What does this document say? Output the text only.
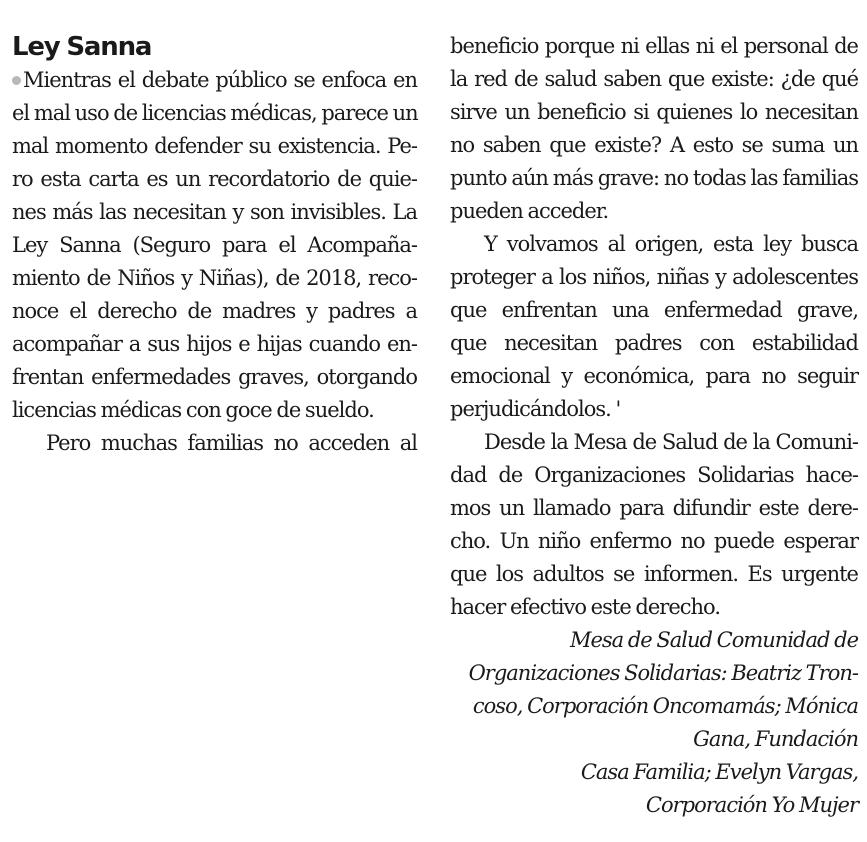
Ley Sanna
Mientras el debate público se enfoca en
el mal uso de licencias médicas, parece un
mal momento defender su existencia. Pe-
ro esta carta es un recordatorio de quie-
nes más las necesitan y son invisibles. La
Ley Sanna (Seguro para el Acompaña-
miento de Niños y Niñas), de 2018, reco-
noce el derecho de madres y padres a
acompañar a sus hijos e hijas cuando en-
frentan enfermedades graves, otorgando
licencias médicas con goce de sueldo.
Pero muchas familias no acceden al
beneficio porque ni ellas ni el personal de
la red de salud saben que existe: ¿de qué
sirve un beneficio si quienes lo necesitan
no saben que existe? A esto se suma un
punto aún más grave: no todas las familias
pueden acceder.
Y volvamos al origen, esta ley busca
proteger a los niños, niñas y adolescentes
que enfrentan una enfermedad grave,
que necesitan padres con estabilidad
emocional y económica, para no seguir
perjudicándolos. '
Desde la Mesa de Salud de la Comuni-
dad de Organizaciones Solidarias hace-
mos un llamado para difundir este dere-
cho. Un niño enfermo no puede esperar
que los adultos se informen. Es urgente
hacer efectivo este derecho.
Mesa de Salud Comunidad de
Organizaciones Solidarias: Beatriz Tron-
coso, Corporación Oncomamás; Mónica
Gana, Fundación
Casa Familia; Evelyn Vargas,
Corporación Yo Mujer
